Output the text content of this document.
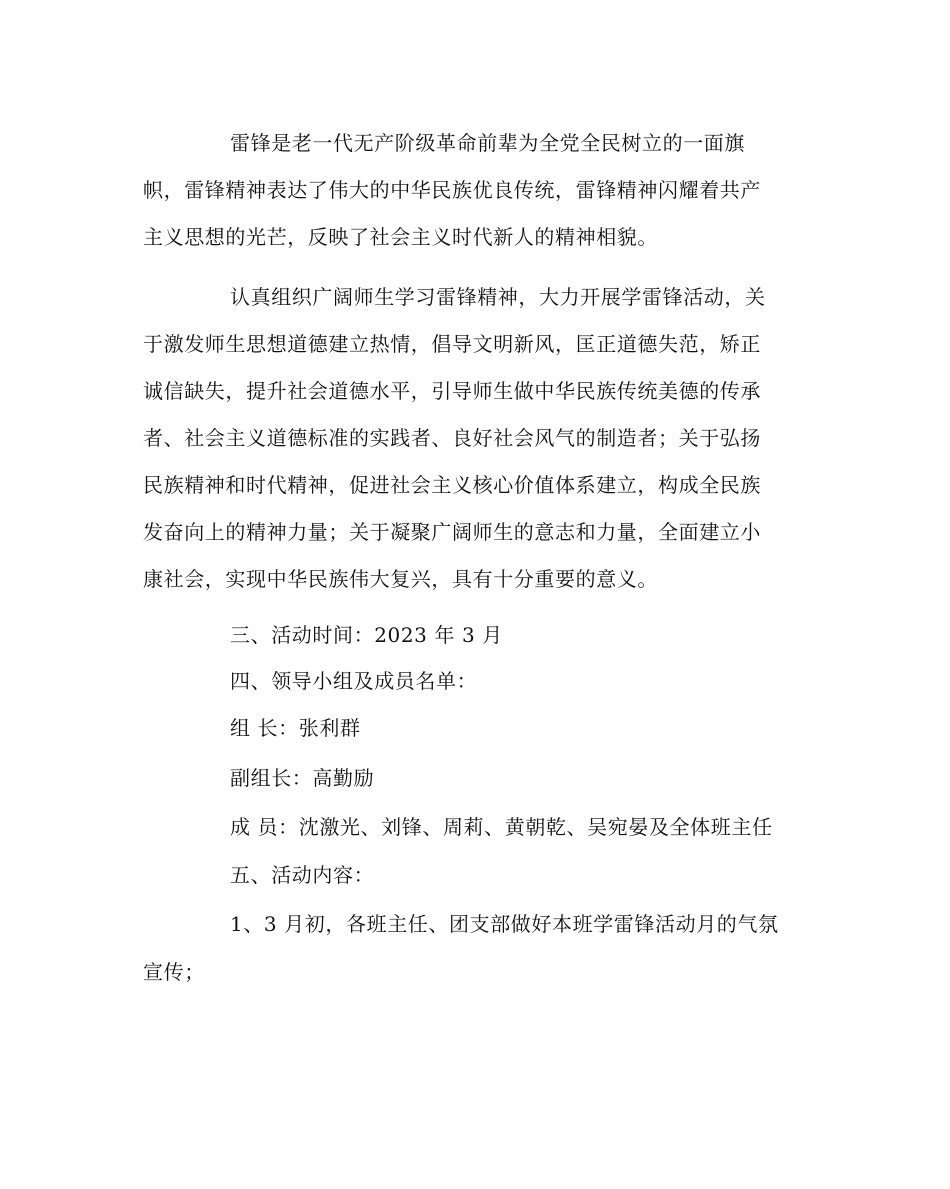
雷锋是老一代无产阶级革命前辈为全党全民树立的一面旗
帜，雷锋精神表达了伟大的中华民族优良传统，雷锋精神闪耀着共产
主义思想的光芒，反映了社会主义时代新人的精神相貌。
认真组织广阔师生学习雷锋精神，大力开展学雷锋活动，关
于激发师生思想道德建立热情，倡导文明新风，匡正道德失范，矫正
诚信缺失，提升社会道德水平，引导师生做中华民族传统美德的传承
者、社会主义道德标准的实践者、良好社会风气的制造者；关于弘扬
民族精神和时代精神，促进社会主义核心价值体系建立，构成全民族
发奋向上的精神力量；关于凝聚广阔师生的意志和力量，全面建立小
康社会，实现中华民族伟大复兴，具有十分重要的意义。
三、活动时间：2023 年 3 月
四、领导小组及成员名单：
组 长：张利群
副组长：高勤励
成 员：沈激光、刘锋、周莉、黄朝乾、吴宛晏及全体班主任
五、活动内容：
1、3 月初，各班主任、团支部做好本班学雷锋活动月的气氛
宣传；
